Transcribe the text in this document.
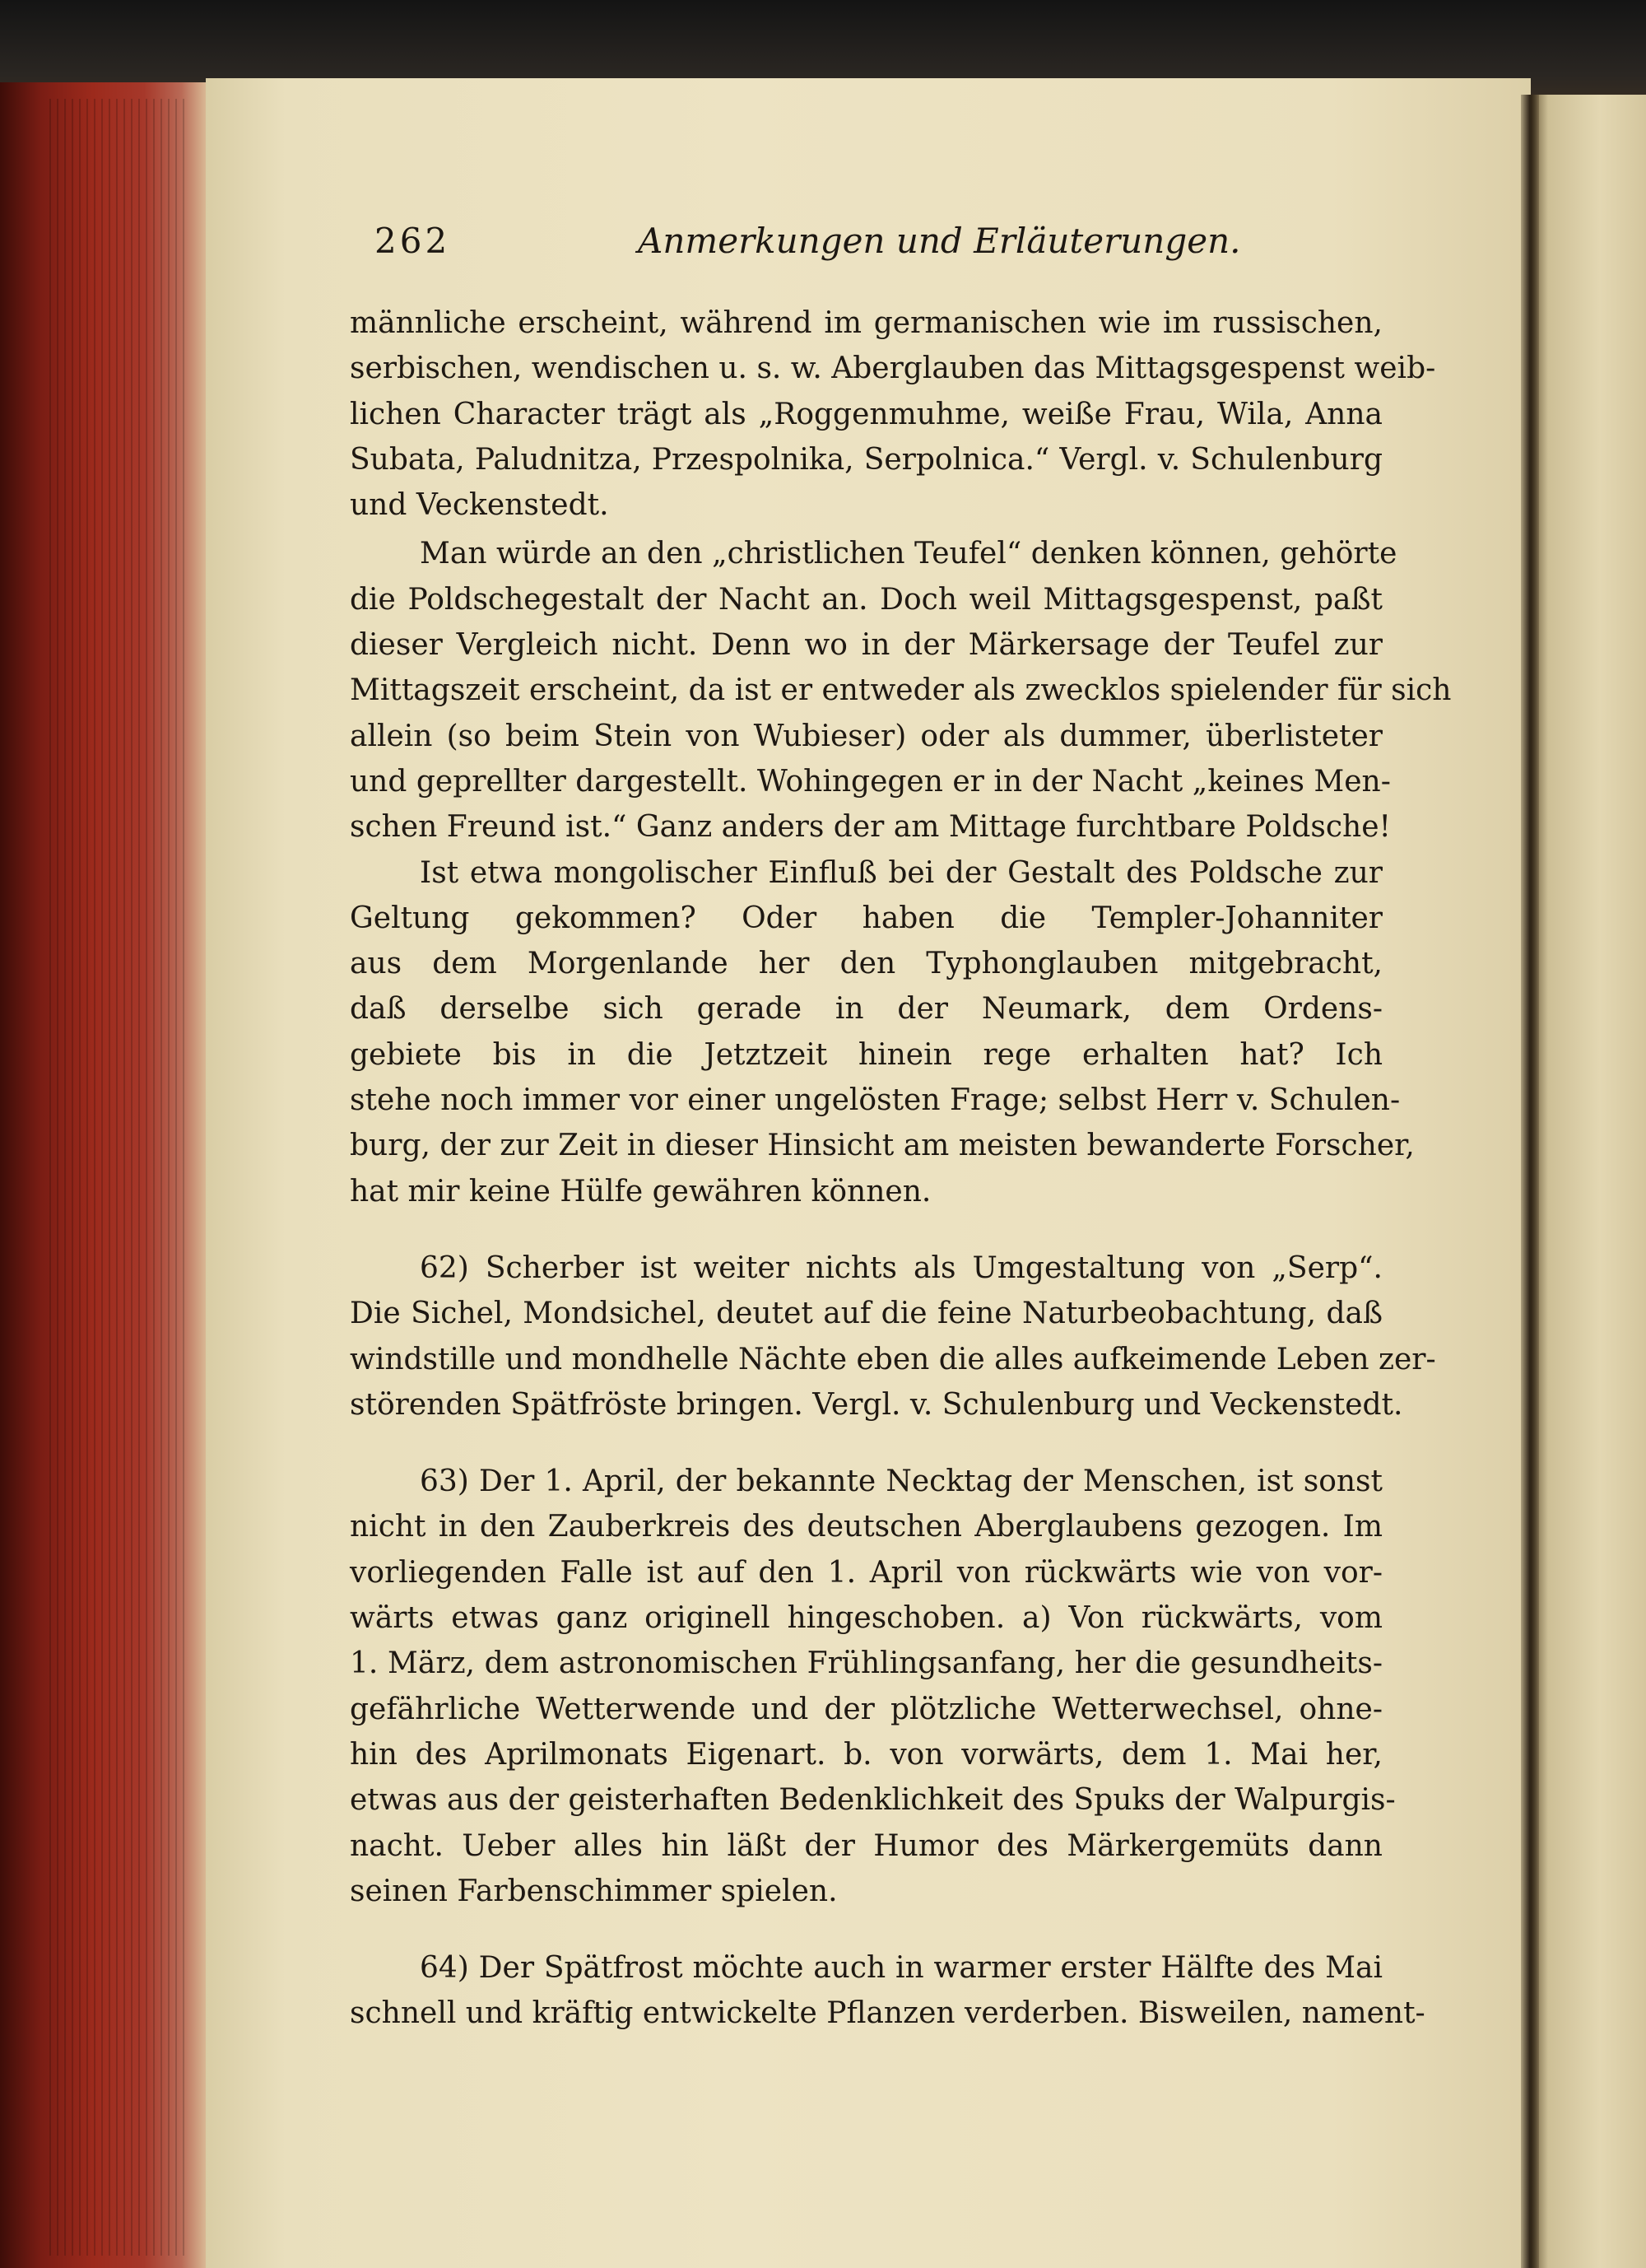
262	Anmerkungen und Erläuterungen.

männliche erscheint, während im germanischen wie im russischen,
serbischen, wendischen u. s. w. Aberglauben das Mittagsgespenst weib-
lichen Character trägt als „Roggenmuhme, weiße Frau, Wila, Anna
Subata, Paludnitza, Przespolnika, Serpolnica.“ Vergl. v. Schulenburg
und Veckenstedt.

Man würde an den „christlichen Teufel“ denken können, gehörte
die Poldschegestalt der Nacht an. Doch weil Mittagsgespenst, paßt
dieser Vergleich nicht. Denn wo in der Märkersage der Teufel zur
Mittagszeit erscheint, da ist er entweder als zwecklos spielender für sich
allein (so beim Stein von Wubieser) oder als dummer, überlisteter
und geprellter dargestellt. Wohingegen er in der Nacht „keines Men-
schen Freund ist.“ Ganz anders der am Mittage furchtbare Poldsche!

Ist etwa mongolischer Einfluß bei der Gestalt des Poldsche zur
Geltung gekommen? Oder haben die Templer-Johanniter
aus dem Morgenlande her den Typhonglauben mitgebracht,
daß derselbe sich gerade in der Neumark, dem Ordens-
gebiete bis in die Jetztzeit hinein rege erhalten hat? Ich
stehe noch immer vor einer ungelösten Frage; selbst Herr v. Schulen-
burg, der zur Zeit in dieser Hinsicht am meisten bewanderte Forscher,
hat mir keine Hülfe gewähren können.

62) Scherber ist weiter nichts als Umgestaltung von „Serp“.
Die Sichel, Mondsichel, deutet auf die feine Naturbeobachtung, daß
windstille und mondhelle Nächte eben die alles aufkeimende Leben zer-
störenden Spätfröste bringen. Vergl. v. Schulenburg und Veckenstedt.

63) Der 1. April, der bekannte Necktag der Menschen, ist sonst
nicht in den Zauberkreis des deutschen Aberglaubens gezogen. Im
vorliegenden Falle ist auf den 1. April von rückwärts wie von vor-
wärts etwas ganz originell hingeschoben. a) Von rückwärts, vom
1. März, dem astronomischen Frühlingsanfang, her die gesundheits-
gefährliche Wetterwende und der plötzliche Wetterwechsel, ohne-
hin des Aprilmonats Eigenart. b. von vorwärts, dem 1. Mai her,
etwas aus der geisterhaften Bedenklichkeit des Spuks der Walpurgis-
nacht. Ueber alles hin läßt der Humor des Märkergemüts dann
seinen Farbenschimmer spielen.

64) Der Spätfrost möchte auch in warmer erster Hälfte des Mai
schnell und kräftig entwickelte Pflanzen verderben. Bisweilen, nament-
